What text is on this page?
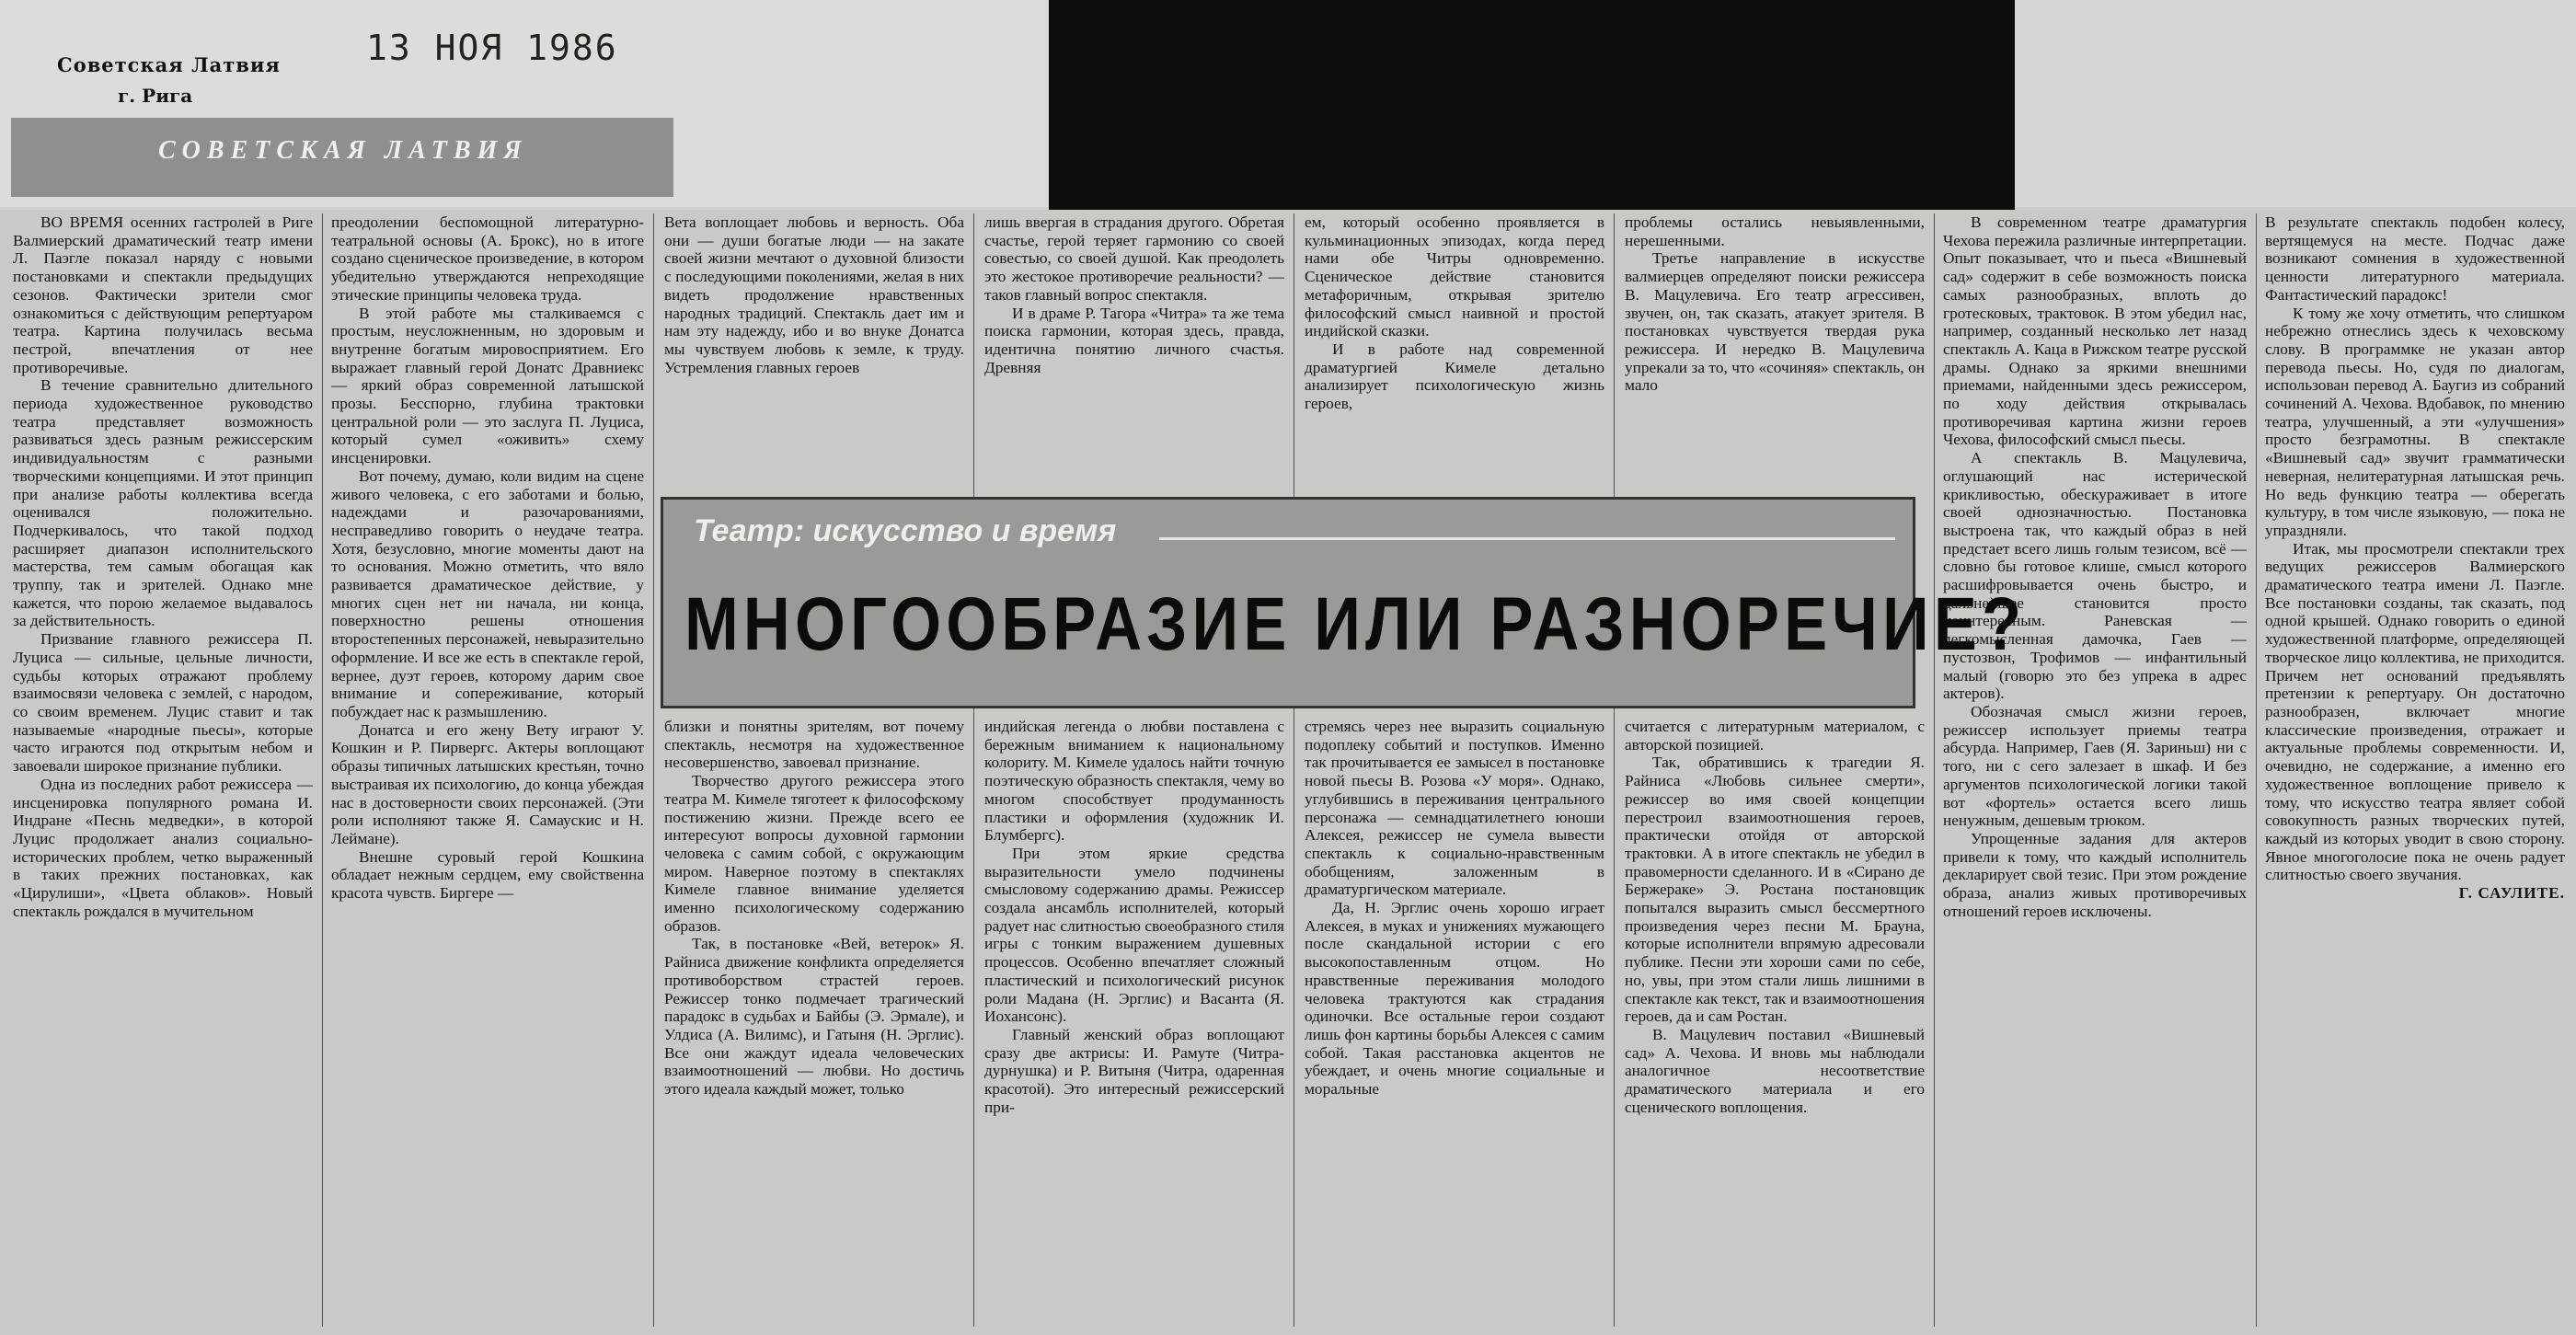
Советская Латвия
г. Рига
13 НОЯ 1986
СОВЕТСКАЯ ЛАТВИЯ

ВО ВРЕМЯ осенних гастролей в Риге Валмиерский драматический театр имени Л. Паэгле показал наряду с новыми постановками и спектакли предыдущих сезонов. Фактически зрители смог ознакомиться с действующим репертуаром театра. Картина получилась весьма пестрой, впечатления от нее противоречивые.

В течение сравнительно длительного периода художественное руководство театра представляет возможность развиваться здесь разным режиссерским индивидуальностям с разными творческими концепциями. И этот принцип при анализе работы коллектива всегда оценивался положительно. Подчеркивалось, что такой подход расширяет диапазон исполнительского мастерства, тем самым обогащая как труппу, так и зрителей. Однако мне кажется, что порою желаемое выдавалось за действительность.

Призвание главного режиссера П. Луциса — сильные, цельные личности, судьбы которых отражают проблему взаимосвязи человека с землей, с народом, со своим временем. Луцис ставит и так называемые «народные пьесы», которые часто играются под открытым небом и завоевали широкое признание публики.

Одна из последних работ режиссера — инсценировка популярного романа И. Индране «Песнь медведки», в которой Луцис продолжает анализ социально-исторических проблем, четко выраженный в таких прежних постановках, как «Цирулиши», «Цвета облаков». Новый спектакль рождался в мучительном

преодолении беспомощной литературно-театральной основы (А. Брокс), но в итоге создано сценическое произведение, в котором убедительно утверждаются непреходящие этические принципы человека труда.

В этой работе мы сталкиваемся с простым, неусложненным, но здоровым и внутренне богатым мировосприятием. Его выражает главный герой Донатс Дравниекс — яркий образ современной латышской прозы. Бесспорно, глубина трактовки центральной роли — это заслуга П. Луциса, который сумел «оживить» схему инсценировки.

Вот почему, думаю, коли видим на сцене живого человека, с его заботами и болью, надеждами и разочарованиями, несправедливо говорить о неудаче театра. Хотя, безусловно, многие моменты дают на то основания. Можно отметить, что вяло развивается драматическое действие, у многих сцен нет ни начала, ни конца, поверхностно решены отношения второстепенных персонажей, невыразительно оформление. И все же есть в спектакле герой, вернее, дуэт героев, которому дарим свое внимание и сопереживание, который побуждает нас к размышлению.

Донатса и его жену Вету играют У. Кошкин и Р. Пирвергс. Актеры воплощают образы типичных латышских крестьян, точно выстраивая их психологию, до конца убеждая нас в достоверности своих персонажей. (Эти роли исполняют также Я. Самаускис и Н. Леймане).

Внешне суровый герой Кошкина обладает нежным сердцем, ему свойственна красота чувств. Биргере —

Вета воплощает любовь и верность. Оба они — души богатые люди — на закате своей жизни мечтают о духовной близости с последующими поколениями, желая в них видеть продолжение нравственных народных традиций. Спектакль дает им и нам эту надежду, ибо и во внуке Донатса мы чувствуем любовь к земле, к труду. Устремления главных героев

близки и понятны зрителям, вот почему спектакль, несмотря на художественное несовершенство, завоевал признание.

Творчество другого режиссера этого театра М. Кимеле тяготеет к философскому постижению жизни. Прежде всего ее интересуют вопросы духовной гармонии человека с самим собой, с окружающим миром. Наверное поэтому в спектаклях Кимеле главное внимание уделяется именно психологическому содержанию образов.

Так, в постановке «Вей, ветерок» Я. Райниса движение конфликта определяется противоборством страстей героев. Режиссер тонко подмечает трагический парадокс в судьбах и Байбы (Э. Эрмале), и Улдиса (А. Вилимс), и Гатыня (Н. Эрглис). Все они жаждут идеала человеческих взаимоотношений — любви. Но достичь этого идеала каждый может, только

лишь ввергая в страдания другого. Обретая счастье, герой теряет гармонию со своей совестью, со своей душой. Как преодолеть это жестокое противоречие реальности? — таков главный вопрос спектакля.

И в драме Р. Тагора «Читра» та же тема поиска гармонии, которая здесь, правда, идентична понятию личного счастья. Древняя

индийская легенда о любви поставлена с бережным вниманием к национальному колориту. М. Кимеле удалось найти точную поэтическую образность спектакля, чему во многом способствует продуманность пластики и оформления (художник И. Блумбергс).

При этом яркие средства выразительности умело подчинены смысловому содержанию драмы. Режиссер создала ансамбль исполнителей, который радует нас слитностью своеобразного стиля игры с тонким выражением душевных процессов. Особенно впечатляет сложный пластический и психологический рисунок роли Мадана (Н. Эрглис) и Васанта (Я. Иохансонс).

Главный женский образ воплощают сразу две актрисы: И. Рамуте (Читра-дурнушка) и Р. Витыня (Читра, одаренная красотой). Это интересный режиссерский при-

ем, который особенно проявляется в кульминационных эпизодах, когда перед нами обе Читры одновременно. Сценическое действие становится метафоричным, открывая зрителю философский смысл наивной и простой индийской сказки.

И в работе над современной драматургией Кимеле детально анализирует психологическую жизнь героев,

стремясь через нее выразить социальную подоплеку событий и поступков. Именно так прочитывается ее замысел в постановке новой пьесы В. Розова «У моря». Однако, углубившись в переживания центрального персонажа — семнадцатилетнего юноши Алексея, режиссер не сумела вывести спектакль к социально-нравственным обобщениям, заложенным в драматургическом материале.

Да, Н. Эрглис очень хорошо играет Алексея, в муках и унижениях мужающего после скандальной истории с его высокопоставленным отцом. Но нравственные переживания молодого человека трактуются как страдания одиночки. Все остальные герои создают лишь фон картины борьбы Алексея с самим собой. Такая расстановка акцентов не убеждает, и очень многие социальные и моральные

проблемы остались невыявленными, нерешенными.

Третье направление в искусстве валмиерцев определяют поиски режиссера В. Мацулевича. Его театр агрессивен, звучен, он, так сказать, атакует зрителя. В постановках чувствуется твердая рука режиссера. И нередко В. Мацулевича упрекали за то, что «сочиняя» спектакль, он мало

считается с литературным материалом, с авторской позицией.

Так, обратившись к трагедии Я. Райниса «Любовь сильнее смерти», режиссер во имя своей концепции перестроил взаимоотношения героев, практически отойдя от авторской трактовки. А в итоге спектакль не убедил в правомерности сделанного. И в «Сирано де Бержераке» Э. Ростана постановщик попытался выразить смысл бессмертного произведения через песни М. Брауна, которые исполнители впрямую адресовали публике. Песни эти хороши сами по себе, но, увы, при этом стали лишь лишними в спектакле как текст, так и взаимоотношения героев, да и сам Ростан.

В. Мацулевич поставил «Вишневый сад» А. Чехова. И вновь мы наблюдали аналогичное несоответствие драматического материала и его сценического воплощения.

В современном театре драматургия Чехова пережила различные интерпретации. Опыт показывает, что и пьеса «Вишневый сад» содержит в себе возможность поиска самых разнообразных, вплоть до гротесковых, трактовок. В этом убедил нас, например, созданный несколько лет назад спектакль А. Каца в Рижском театре русской драмы. Однако за яркими внешними приемами, найденными здесь режиссером, по ходу действия открывалась противоречивая картина жизни героев Чехова, философский смысл пьесы.

А спектакль В. Мацулевича, оглушающий нас истерической крикливостью, обескураживает в итоге своей однозначностью. Постановка выстроена так, что каждый образ в ней предстает всего лишь голым тезисом, всё — словно бы готовое клише, смысл которого расшифровывается очень быстро, и дальнейшее становится просто неинтересным. Раневская — легкомысленная дамочка, Гаев — пустозвон, Трофимов — инфантильный малый (говорю это без упрека в адрес актеров).

Обозначая смысл жизни героев, режиссер использует приемы театра абсурда. Например, Гаев (Я. Зариньш) ни с того, ни с сего залезает в шкаф. И без аргументов психологической логики такой вот «фортель» остается всего лишь ненужным, дешевым трюком.

Упрощенные задания для актеров привели к тому, что каждый исполнитель декларирует свой тезис. При этом рождение образа, анализ живых противоречивых отношений героев исключены.

В результате спектакль подобен колесу, вертящемуся на месте. Подчас даже возникают сомнения в художественной ценности литературного материала. Фантастический парадокс!

К тому же хочу отметить, что слишком небрежно отнеслись здесь к чеховскому слову. В программке не указан автор перевода пьесы. Но, судя по диалогам, использован перевод А. Баугиз из собраний сочинений А. Чехова. Вдобавок, по мнению театра, улучшенный, а эти «улучшения» просто безграмотны. В спектакле «Вишневый сад» звучит грамматически неверная, нелитературная латышская речь. Но ведь функцию театра — оберегать культуру, в том числе языковую, — пока не упраздняли.

Итак, мы просмотрели спектакли трех ведущих режиссеров Валмиерского драматического театра имени Л. Паэгле. Все постановки созданы, так сказать, под одной крышей. Однако говорить о единой художественной платформе, определяющей творческое лицо коллектива, не приходится. Причем нет оснований предъявлять претензии к репертуару. Он достаточно разнообразен, включает многие классические произведения, отражает и актуальные проблемы современности. И, очевидно, не содержание, а именно его художественное воплощение привело к тому, что искусство театра являет собой совокупность разных творческих путей, каждый из которых уводит в свою сторону. Явное многоголосие пока не очень радует слитностью своего звучания.

Г. САУЛИТЕ.

Театр: искусство и время
МНОГООБРАЗИЕ ИЛИ РАЗНОРЕЧИЕ?
